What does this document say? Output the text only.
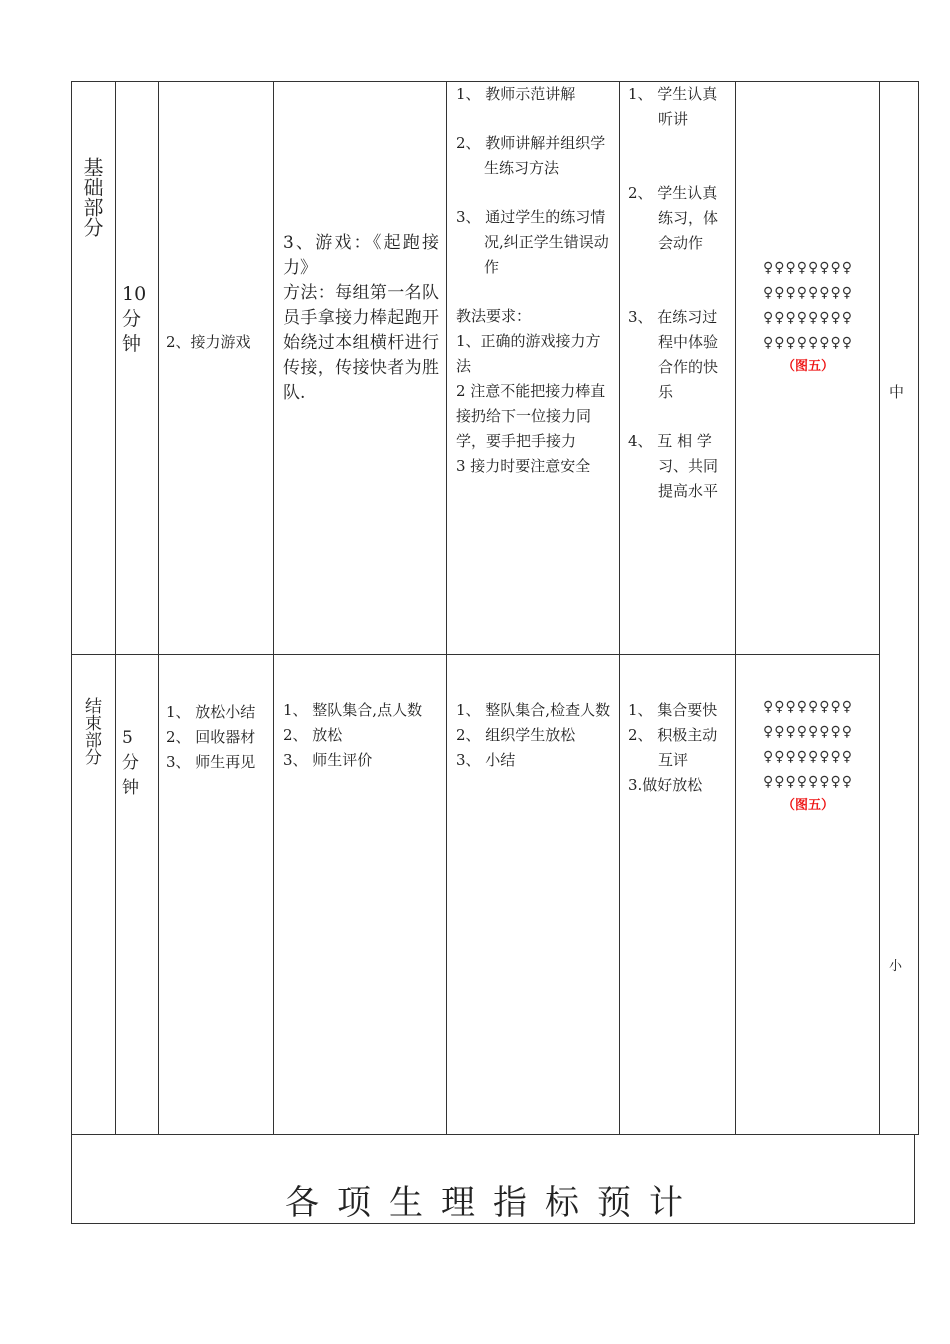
基础部分
10分钟	2、接力游戏
3、游戏：《起跑接力》
方法：每组第一名队员手拿接力棒起跑开始绕过本组横杆进行传接，传接快者为胜队.
1、 教师示范讲解
2、 教师讲解并组织学生练习方法
3、 通过学生的练习情况,纠正学生错误动作
教法要求：
1、正确的游戏接力方法
2 注意不能把接力棒直接扔给下一位接力同学，要手把手接力
3 接力时要注意安全
1、 学生认真听讲
2、 学生认真练习，体会动作
3、 在练习过程中体验合作的快乐
4、 互 相 学习、共同提高水平
♀♀♀♀♀♀♀♀
♀♀♀♀♀♀♀♀
♀♀♀♀♀♀♀♀
♀♀♀♀♀♀♀♀
（图五）
中
结束部分 5分钟
1、 放松小结
2、 回收器材
3、 师生再见
1、 整队集合,点人数
2、 放松
3、 师生评价
1、 整队集合,检查人数
2、 组织学生放松
3、 小结
1、 集合要快
2、 积极主动互评
3.做好放松
♀♀♀♀♀♀♀♀
♀♀♀♀♀♀♀♀
♀♀♀♀♀♀♀♀
♀♀♀♀♀♀♀♀
（图五）
小
各项生理指标预计
